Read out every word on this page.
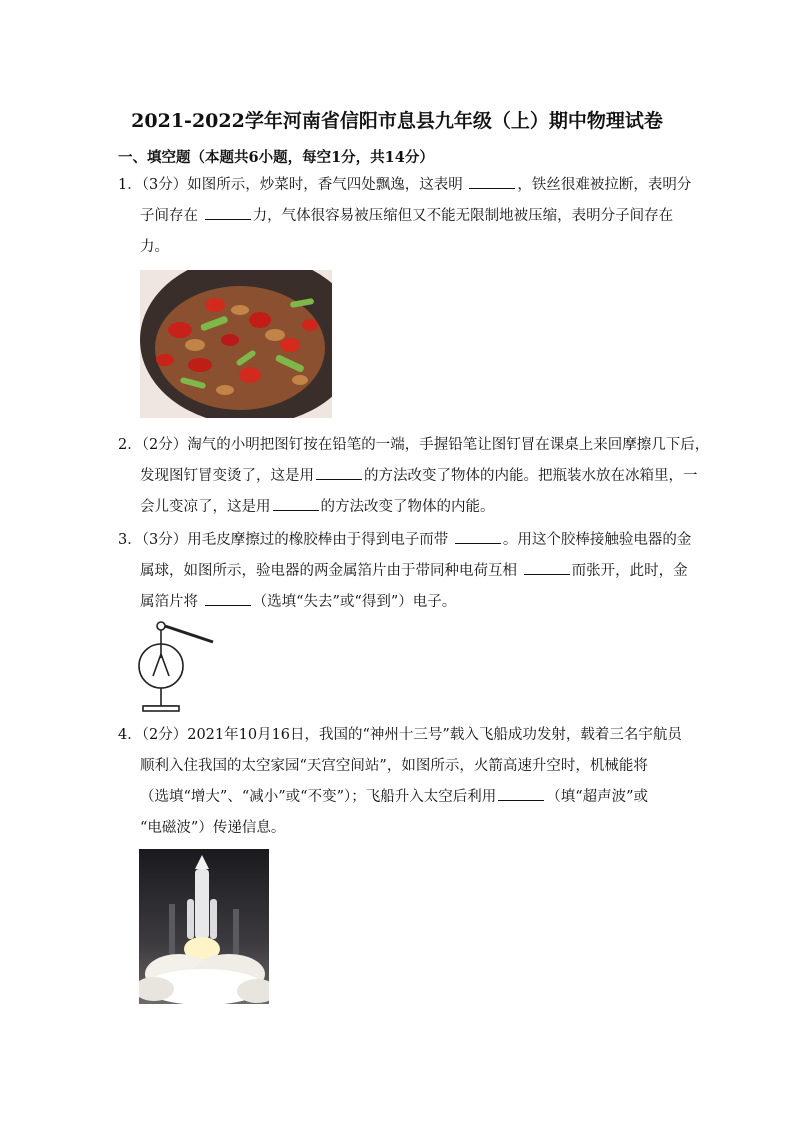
2021-2022学年河南省信阳市息县九年级（上）期中物理试卷
一、填空题（本题共6小题，每空1分，共14分）
1．（3分）如图所示，炒菜时，香气四处飘逸，这表明	，铁丝很难被拉断，表明分
子间存在	力，气体很容易被压缩但又不能无限制地被压缩，表明分子间存在
力。
2．（2分）淘气的小明把图钉按在铅笔的一端，手握铅笔让图钉冒在课桌上来回摩擦几下后，
发现图钉冒变烫了，这是用	的方法改变了物体的内能。把瓶装水放在冰箱里，一
会儿变凉了，这是用	的方法改变了物体的内能。
3．（3分）用毛皮摩擦过的橡胶棒由于得到电子而带	。用这个胶棒接触验电器的金
属球，如图所示，验电器的两金属箔片由于带同种电荷互相	而张开，此时，金
属箔片将	（选填“失去”或“得到”）电子。
4．（2分）2021年10月16日，我国的“神州十三号”载入飞船成功发射，载着三名宇航员
顺利入住我国的太空家园“天宫空间站”，如图所示，火箭高速升空时，机械能将
（选填“增大”、“减小”或“不变”）；飞船升入太空后利用	（填“超声波”或
“电磁波”）传递信息。
